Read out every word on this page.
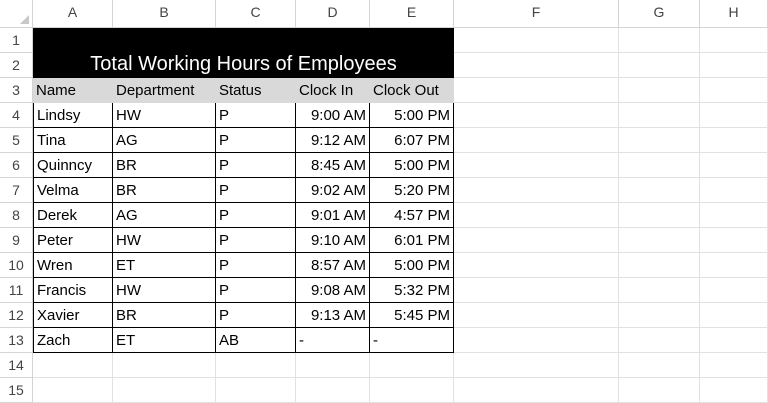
A	B	C	D	E	F	G	H
1
2
3
4
5
6
7
8
9
10
11
12
13
14
15
Total Working Hours of Employees
Name	Department	Status	Clock In	Clock Out
Lindsy	HW	P	9:00 AM	5:00 PM
Tina	AG	P	9:12 AM	6:07 PM
Quinncy	BR	P	8:45 AM	5:00 PM
Velma	BR	P	9:02 AM	5:20 PM
Derek	AG	P	9:01 AM	4:57 PM
Peter	HW	P	9:10 AM	6:01 PM
Wren	ET	P	8:57 AM	5:00 PM
Francis	HW	P	9:08 AM	5:32 PM
Xavier	BR	P	9:13 AM	5:45 PM
Zach	ET	AB	-	-
